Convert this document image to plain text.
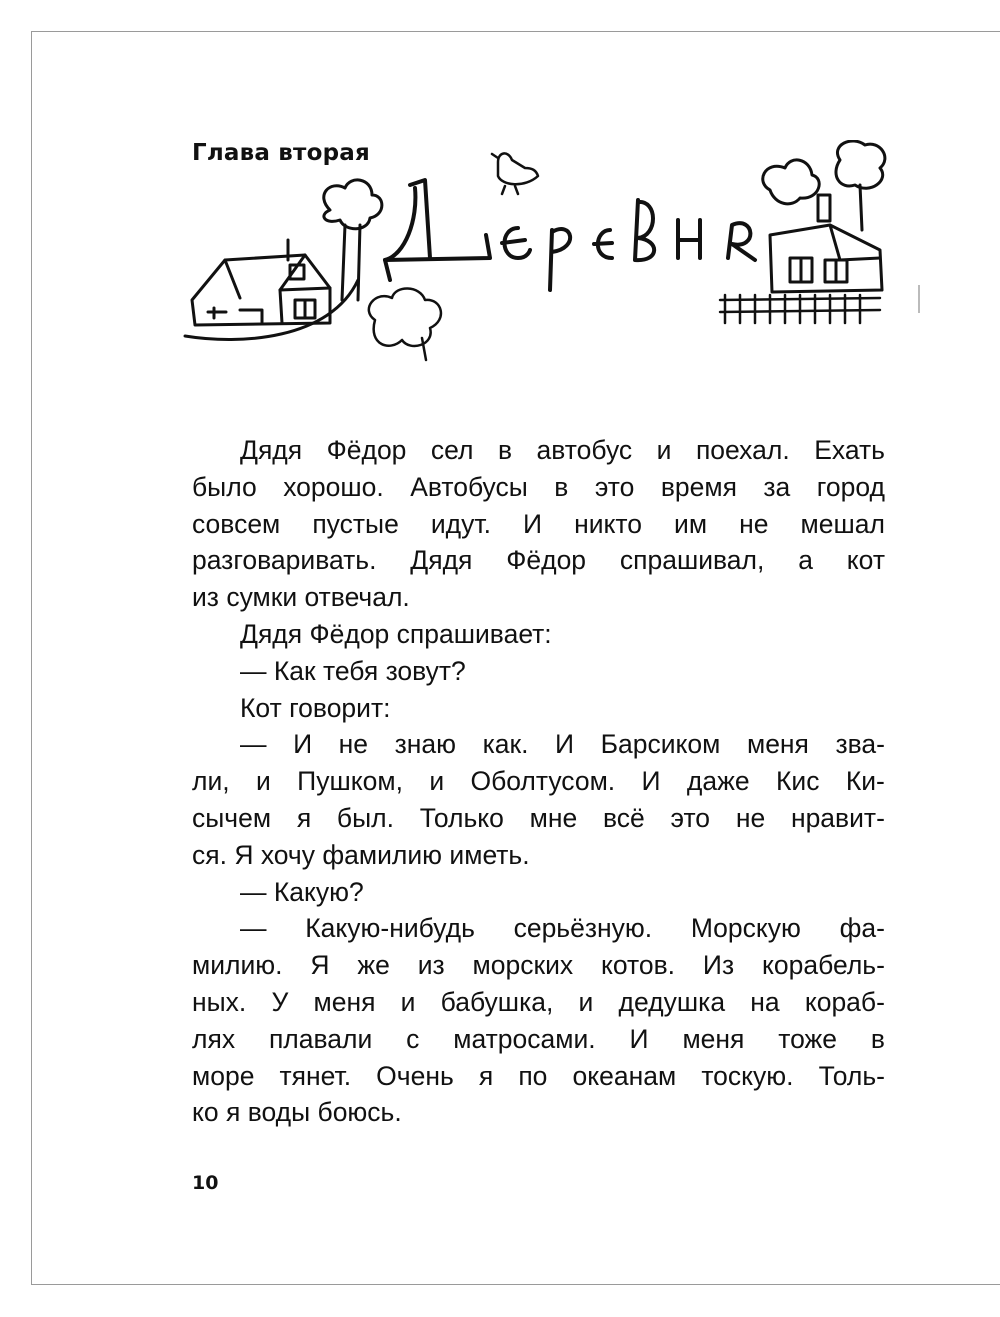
Глава вторая
Дядя Фёдор сел в автобус и поехал. Ехать
было хорошо. Автобусы в это время за город
совсем пустые идут. И никто им не мешал
разговаривать. Дядя Фёдор спрашивал, а кот
из сумки отвечал.
Дядя Фёдор спрашивает:
— Как тебя зовут?
Кот говорит:
— И не знаю как. И Барсиком меня зва-
ли, и Пушком, и Оболтусом. И даже Кис Ки-
сычем я был. Только мне всё это не нравит-
ся. Я хочу фамилию иметь.
— Какую?
— Какую-нибудь серьёзную. Морскую фа-
милию. Я же из морских котов. Из корабель-
ных. У меня и бабушка, и дедушка на кораб-
лях плавали с матросами. И меня тоже в
море тянет. Очень я по океанам тоскую. Толь-
ко я воды боюсь.
10
